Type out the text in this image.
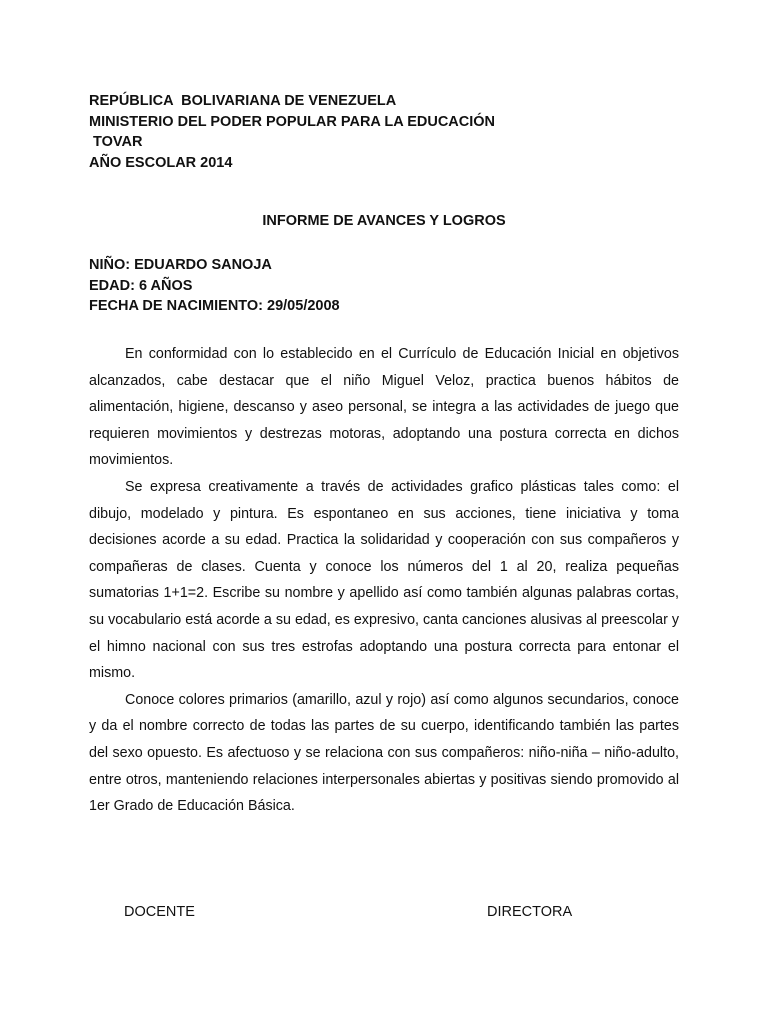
REPÚBLICA  BOLIVARIANA DE VENEZUELA
MINISTERIO DEL PODER POPULAR PARA LA EDUCACIÓN
TOVAR
AÑO ESCOLAR 2014
INFORME DE AVANCES Y LOGROS
NIÑO: EDUARDO SANOJA
EDAD: 6 AÑOS
FECHA DE NACIMIENTO: 29/05/2008

En conformidad con lo establecido en el Currículo de Educación Inicial en objetivos alcanzados, cabe destacar que el niño Miguel Veloz, practica buenos hábitos de alimentación, higiene, descanso y aseo personal, se integra a las actividades de juego que requieren movimientos y destrezas motoras, adoptando una postura correcta en dichos movimientos.

Se expresa creativamente a través de actividades grafico plásticas tales como: el dibujo, modelado y pintura. Es espontaneo en sus acciones, tiene iniciativa y toma decisiones acorde a su edad. Practica la solidaridad y cooperación con sus compañeros y compañeras de clases. Cuenta y conoce los números del 1 al 20, realiza pequeñas sumatorias 1+1=2. Escribe su nombre y apellido así como también algunas palabras cortas, su vocabulario está acorde a su edad, es expresivo, canta canciones alusivas al preescolar y el himno nacional con sus tres estrofas adoptando una postura correcta para entonar el mismo.

Conoce colores primarios (amarillo, azul y rojo) así como algunos secundarios, conoce y da el nombre correcto de todas las partes de su cuerpo, identificando también las partes del sexo opuesto. Es afectuoso y se relaciona con sus compañeros: niño-niña – niño-adulto, entre otros, manteniendo relaciones interpersonales abiertas y positivas siendo promovido al 1er Grado de Educación Básica.

DOCENTE	DIRECTORA
